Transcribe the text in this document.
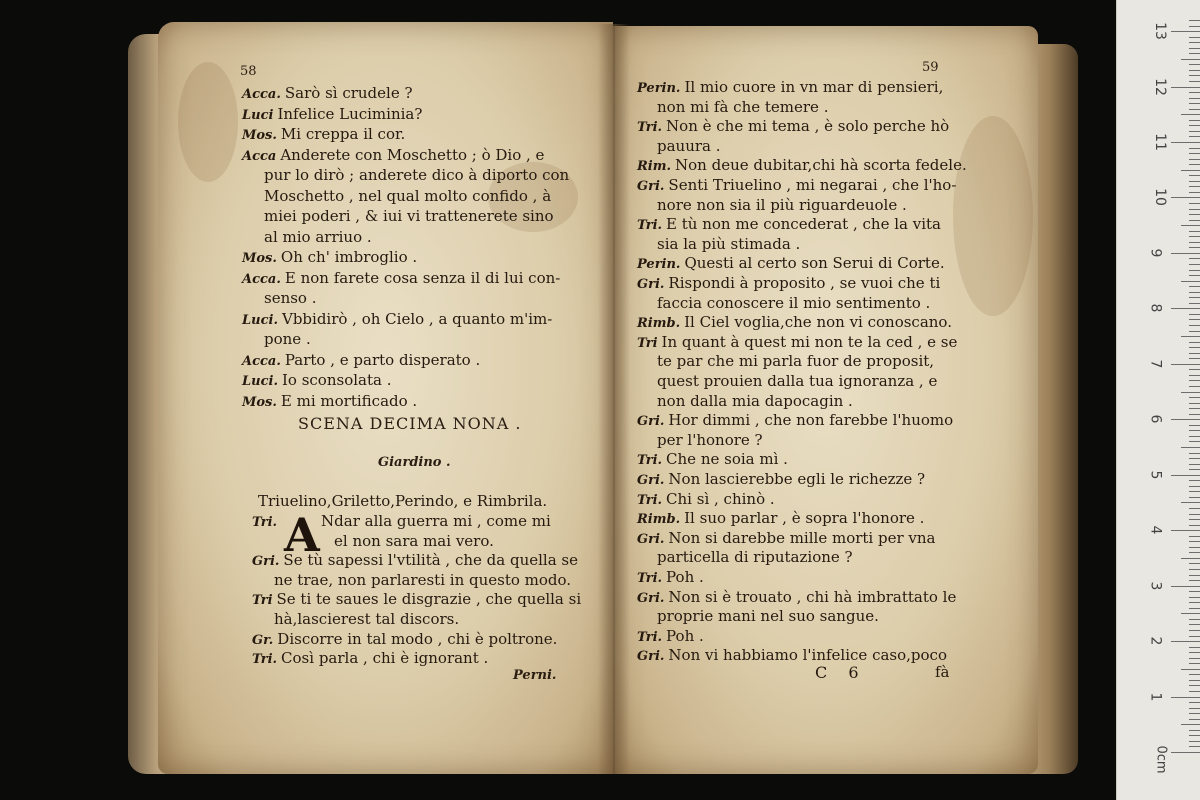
58
Acca. Sarò sì crudele ?
Luci Infelice Luciminia?
Mos. Mi creppa il cor.
Acca Anderete con Moschetto ; ò Dio , e
pur lo dirò ; anderete dico à diporto con
Moschetto , nel qual molto confido , à
miei poderi , & iui vi trattenerete sino
al mio arriuo .
Mos. Oh ch' imbroglio .
Acca. E non farete cosa senza il di lui con-
senso .
Luci. Vbbidirò , oh Cielo , a quanto m'im-
pone .
Acca. Parto , e parto disperato .
Luci. Io sconsolata .
Mos. E mi mortificado .
SCENA DECIMA NONA .
Giardino .
Triuelino,Griletto,Perindo, e Rimbrila.
A
Tri.	Ndar alla guerra mi , come mi
el non sara mai vero.
Gri. Se tù sapessi l'vtilità , che da quella se
ne trae, non parlaresti in questo modo.
Tri Se ti te saues le disgrazie , che quella si
hà,lascierest tal discors.
Gr. Discorre in tal modo , chi è poltrone.
Tri. Così parla , chi è ignorant .
Perni.
59
Perin. Il mio cuore in vn mar di pensieri,
non mi fà che temere .
Tri. Non è che mi tema , è solo perche hò
pauura .
Rim. Non deue dubitar,chi hà scorta fedele.
Gri. Senti Triuelino , mi negarai , che l'ho-
nore non sia il più riguardeuole .
Tri. E tù non me concederat , che la vita
sia la più stimada .
Perin. Questi al certo son Serui di Corte.
Gri. Rispondi à proposito , se vuoi che ti
faccia conoscere il mio sentimento .
Rimb. Il Ciel voglia,che non vi conoscano.
Tri In quant à quest mi non te la ced , e se
te par che mi parla fuor de proposit,
quest prouien dalla tua ignoranza , e
non dalla mia dapocagin .
Gri. Hor dimmi , che non farebbe l'huomo
per l'honore ?
Tri. Che ne soia mì .
Gri. Non lascierebbe egli le richezze ?
Tri. Chi sì , chinò .
Rimb. Il suo parlar , è sopra l'honore .
Gri. Non si darebbe mille morti per vna
particella di riputazione ?
Tri. Poh .
Gri. Non si è trouato , chi hà imbrattato le
proprie mani nel suo sangue.
Tri. Poh .
Gri. Non vi habbiamo l'infelice caso,poco
C 6	fà
1
2
3
4
5
6
7
8
9
10
11
12
13
0cm
